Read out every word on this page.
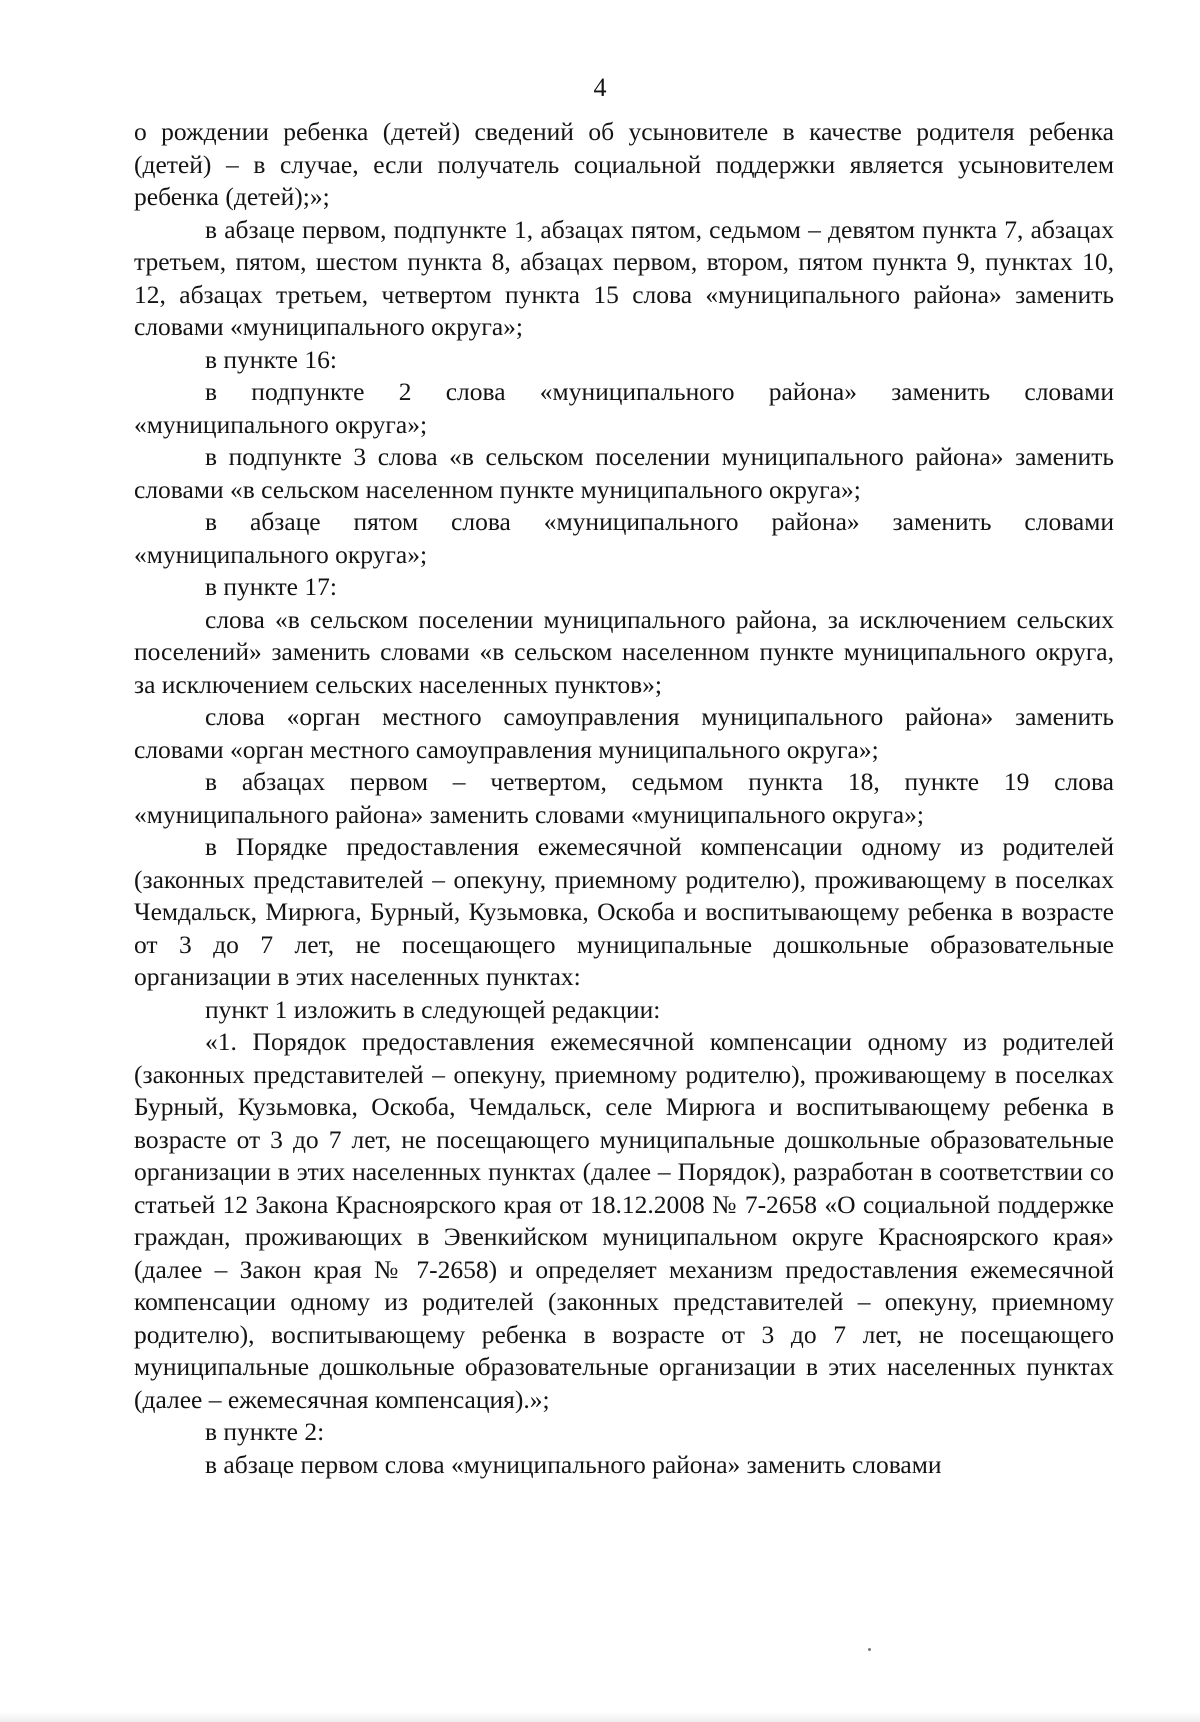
4

о рождении ребенка (детей) сведений об усыновителе в качестве родителя ребенка (детей) – в случае, если получатель социальной поддержки является усыновителем ребенка (детей);»;

в абзаце первом, подпункте 1, абзацах пятом, седьмом – девятом пункта 7, абзацах третьем, пятом, шестом пункта 8, абзацах первом, втором, пятом пункта 9, пунктах 10, 12, абзацах третьем, четвертом пункта 15 слова «муниципального района» заменить словами «муниципального округа»;

в пункте 16:

в подпункте 2 слова «муниципального района» заменить словами «муниципального округа»;

в подпункте 3 слова «в сельском поселении муниципального района» заменить словами «в сельском населенном пункте муниципального округа»;

в абзаце пятом слова «муниципального района» заменить словами «муниципального округа»;

в пункте 17:

слова «в сельском поселении муниципального района, за исключением сельских поселений» заменить словами «в сельском населенном пункте муниципального округа, за исключением сельских населенных пунктов»;

слова «орган местного самоуправления муниципального района» заменить словами «орган местного самоуправления муниципального округа»;

в абзацах первом – четвертом, седьмом пункта 18, пункте 19 слова «муниципального района» заменить словами «муниципального округа»;

в Порядке предоставления ежемесячной компенсации одному из родителей (законных представителей – опекуну, приемному родителю), проживающему в поселках Чемдальск, Мирюга, Бурный, Кузьмовка, Оскоба и воспитывающему ребенка в возрасте от 3 до 7 лет, не посещающего муниципальные дошкольные образовательные организации в этих населенных пунктах:

пункт 1 изложить в следующей редакции:

«1. Порядок предоставления ежемесячной компенсации одному из родителей (законных представителей – опекуну, приемному родителю), проживающему в поселках Бурный, Кузьмовка, Оскоба, Чемдальск, селе Мирюга и воспитывающему ребенка в возрасте от 3 до 7 лет, не посещающего муниципальные дошкольные образовательные организации в этих населенных пунктах (далее – Порядок), разработан в соответствии со статьей 12 Закона Красноярского края от 18.12.2008 № 7-2658 «О социальной поддержке граждан, проживающих в Эвенкийском муниципальном округе Красноярского края» (далее – Закон края № 7-2658) и определяет механизм предоставления ежемесячной компенсации одному из родителей (законных представителей – опекуну, приемному родителю), воспитывающему ребенка в возрасте от 3 до 7 лет, не посещающего муниципальные дошкольные образовательные организации в этих населенных пунктах (далее – ежемесячная компенсация).»;

в пункте 2:

в абзаце первом слова «муниципального района» заменить словами
